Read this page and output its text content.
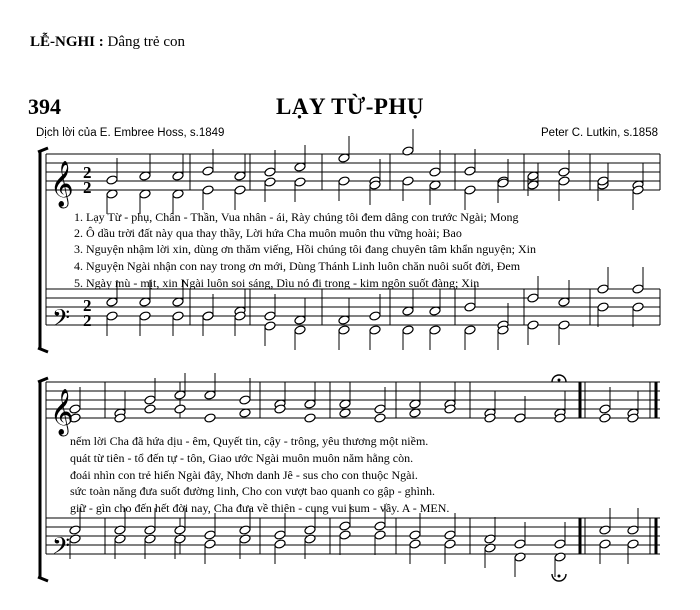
LỄ-NGHI : Dâng trẻ con
394	LẠY TỪ-PHỤ
Dịch lời của E. Embree Hoss, s.1849	Peter C. Lutkin, s.1858
𝄞
𝄢
𝄞
𝄢
2
2
2
2
1. Lạy Từ - phụ, Chân - Thần, Vua nhân - ái, Rày chúng tôi đem dâng con trước Ngài; Mong
2. Ô dầu trời đất này qua thay thầy, Lời hứa Cha muôn muôn thu vững hoài; Bao
3. Nguyện nhậm lời xin, dùng ơn thăm viếng, Hồi chúng tôi đang chuyên tâm khẩn nguyện; Xin
4. Nguyện Ngài nhận con nay trong ơn mới, Dùng Thánh Linh luôn chăn nuôi suốt đời, Đem
5. Ngày mù - mịt, xin Ngài luôn soi sáng, Dìu nó đi trong - kim ngôn suốt đàng; Xin
nếm lời Cha đã hứa dịu - êm, Quyết tin, cậy - trông, yêu thương một niềm.
quát từ tiên - tổ đến tự - tôn, Giao ước Ngài muôn muôn năm hằng còn.
đoái nhìn con trẻ hiến Ngài đây, Nhơn danh Jê - sus cho con thuộc Ngài.
sức toàn năng đưa suốt đường linh, Cho con vượt bao quanh co gập - ghình.
giữ - gìn cho đến hết đời nay, Cha đưa về thiên - cung vui sum - vầy. A - MEN.
